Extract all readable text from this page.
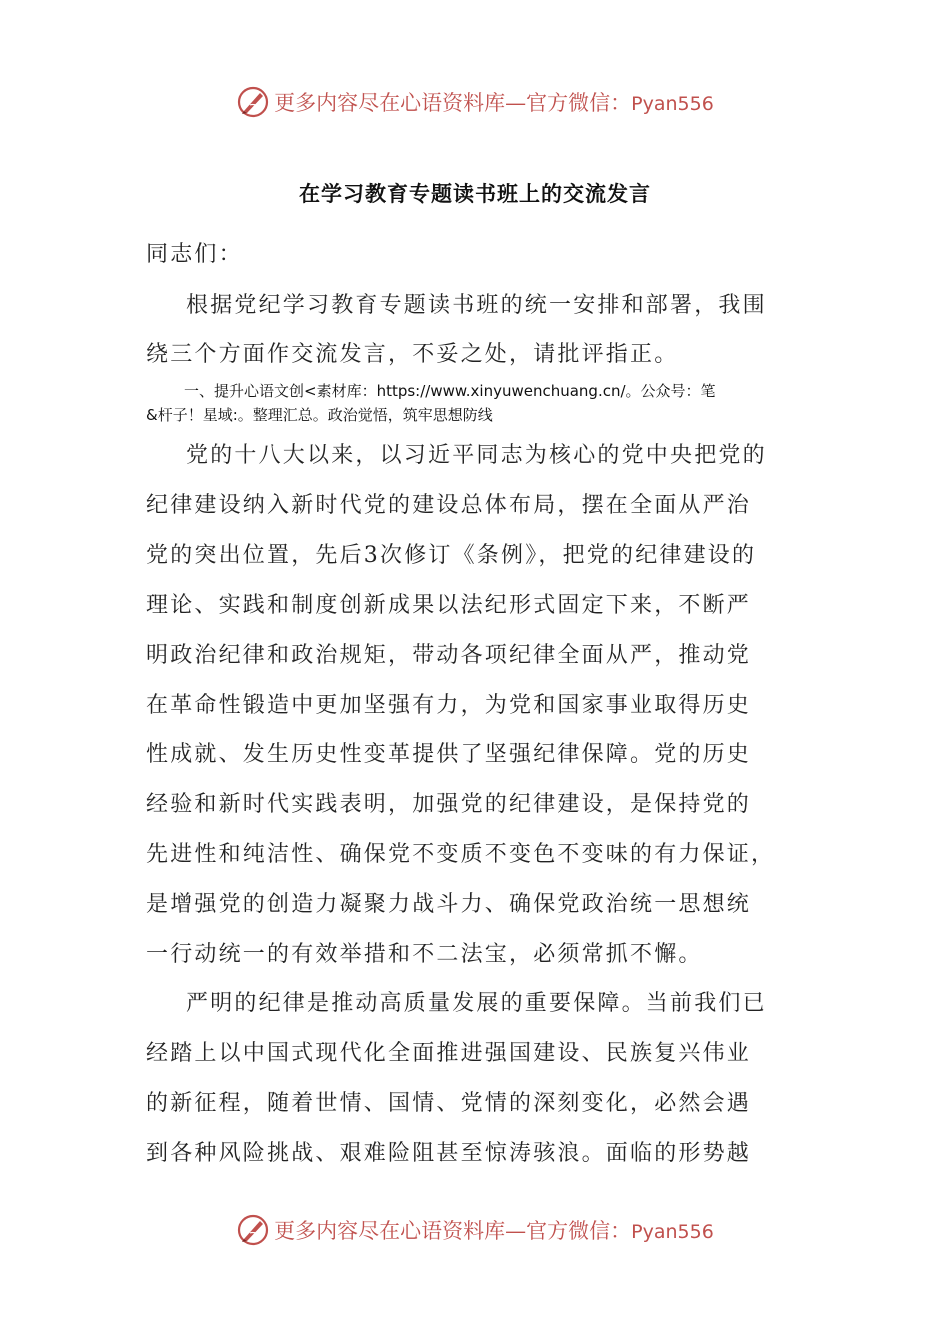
更多内容尽在心语资料库—官方微信：Pyan556
在学习教育专题读书班上的交流发言
同志们：
根据党纪学习教育专题读书班的统一安排和部署，我围
绕三个方面作交流发言，不妥之处，请批评指正。
一、提升心语文创<素材库：https://www.xinyuwenchuang.cn/。公众号：笔
&杆子！星域:。整理汇总。政治觉悟，筑牢思想防线
党的十八大以来，以习近平同志为核心的党中央把党的
纪律建设纳入新时代党的建设总体布局，摆在全面从严治
党的突出位置，先后3次修订《条例》，把党的纪律建设的
理论、实践和制度创新成果以法纪形式固定下来，不断严
明政治纪律和政治规矩，带动各项纪律全面从严，推动党
在革命性锻造中更加坚强有力，为党和国家事业取得历史
性成就、发生历史性变革提供了坚强纪律保障。党的历史
经验和新时代实践表明，加强党的纪律建设，是保持党的
先进性和纯洁性、确保党不变质不变色不变味的有力保证，
是增强党的创造力凝聚力战斗力、确保党政治统一思想统
一行动统一的有效举措和不二法宝，必须常抓不懈。
严明的纪律是推动高质量发展的重要保障。当前我们已
经踏上以中国式现代化全面推进强国建设、民族复兴伟业
的新征程，随着世情、国情、党情的深刻变化，必然会遇
到各种风险挑战、艰难险阻甚至惊涛骇浪。面临的形势越
更多内容尽在心语资料库—官方微信：Pyan556
